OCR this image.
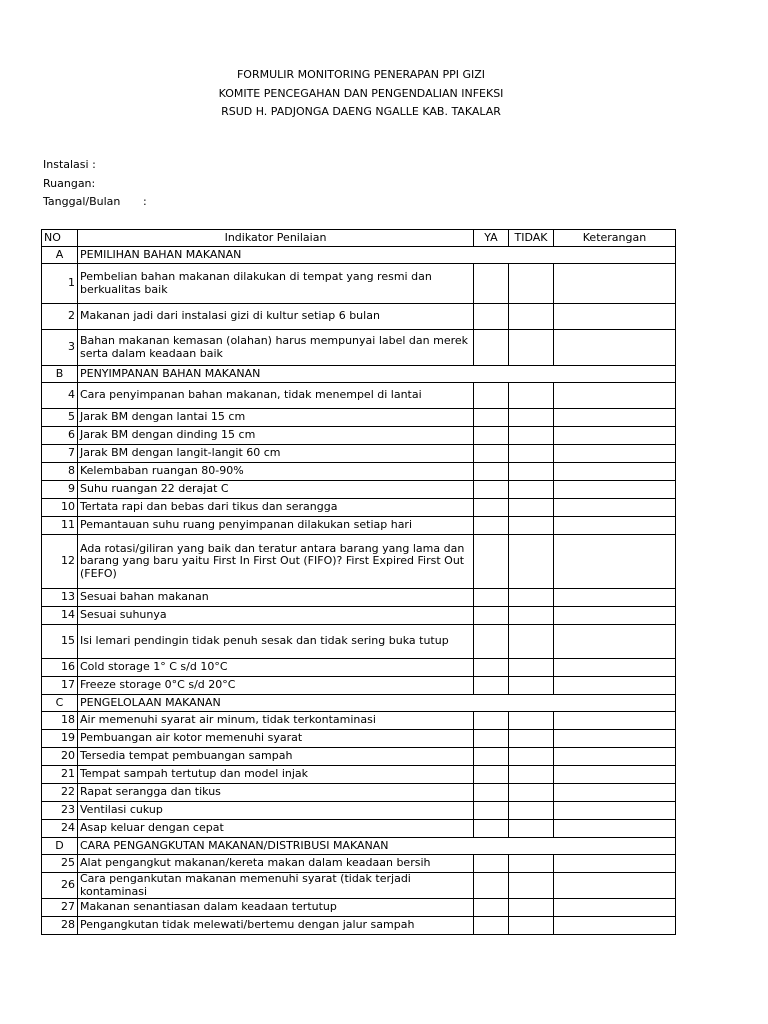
FORMULIR MONITORING PENERAPAN PPI GIZI
KOMITE PENCEGAHAN DAN PENGENDALIAN INFEKSI
RSUD H. PADJONGA DAENG NGALLE KAB. TAKALAR
Instalasi :
Ruangan:
Tanggal/Bulan :
NO	Indikator Penilaian	YA	TIDAK	Keterangan
A	PEMILIHAN BAHAN MAKANAN			
1	Pembelian bahan makanan dilakukan di tempat yang resmi dan berkualitas baik			
2	Makanan jadi dari instalasi gizi di kultur setiap 6 bulan			
3	Bahan makanan kemasan (olahan) harus mempunyai label dan merek serta dalam keadaan baik			
B	PENYIMPANAN BAHAN MAKANAN			
4	Cara penyimpanan bahan makanan, tidak menempel di lantai			
5	Jarak BM dengan lantai 15 cm			
6	Jarak BM dengan dinding 15 cm			
7	Jarak BM dengan langit-langit 60 cm			
8	Kelembaban ruangan 80-90%			
9	Suhu ruangan 22 derajat C			
10	Tertata rapi dan bebas dari tikus dan serangga			
11	Pemantauan suhu ruang penyimpanan dilakukan setiap hari			
12	Ada rotasi/giliran yang baik dan teratur antara barang yang lama dan barang yang baru yaitu First In First Out (FIFO)? First Expired First Out (FEFO)			
13	Sesuai bahan makanan			
14	Sesuai suhunya			
15	Isi lemari pendingin tidak penuh sesak dan tidak sering buka tutup			
16	Cold storage 1° C s/d 10°C			
17	Freeze storage 0°C s/d 20°C			
C	PENGELOLAAN MAKANAN			
18	Air memenuhi syarat air minum, tidak terkontaminasi			
19	Pembuangan air kotor memenuhi syarat			
20	Tersedia tempat pembuangan sampah			
21	Tempat sampah tertutup dan model injak			
22	Rapat serangga dan tikus			
23	Ventilasi cukup			
24	Asap keluar dengan cepat			
D	CARA PENGANGKUTAN MAKANAN/DISTRIBUSI MAKANAN			
25	Alat pengangkut makanan/kereta makan dalam keadaan bersih			
26	Cara pengankutan makanan memenuhi syarat (tidak terjadi kontaminasi			
27	Makanan senantiasan dalam keadaan tertutup			
28	Pengangkutan tidak melewati/bertemu dengan jalur sampah			
